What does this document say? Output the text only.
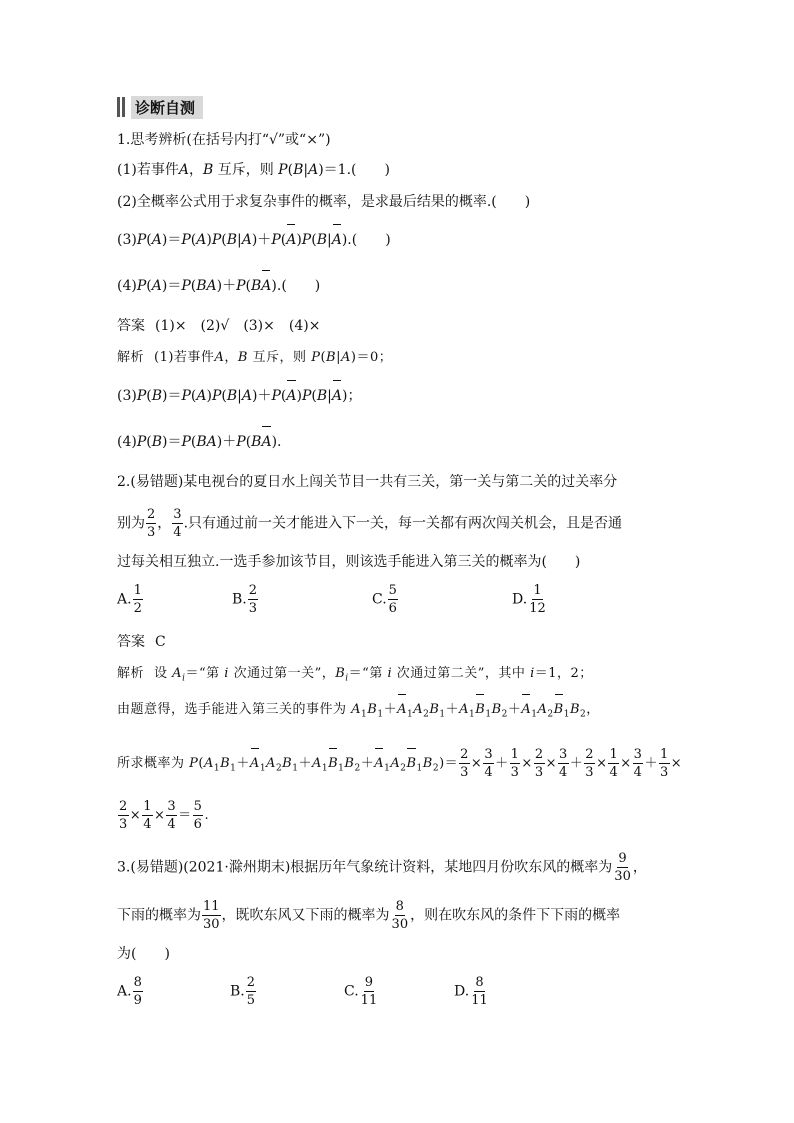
诊断自测
1.思考辨析(在括号内打“√”或“×”)
(1)若事件A，B 互斥，则 P(B|A)＝1.(　　)
(2)全概率公式用于求复杂事件的概率，是求最后结果的概率.(　　)
(3)P(A)＝P(A)P(B|A)＋P(A)P(B|A).(　　)
(4)P(A)＝P(BA)＋P(BA).(　　)
答案 (1)×　(2)√　(3)×　(4)×
解析 (1)若事件A，B 互斥，则 P(B|A)＝0；
(3)P(B)＝P(A)P(B|A)＋P(A)P(B|A)；
(4)P(B)＝P(BA)＋P(BA).
2.(易错题)某电视台的夏日水上闯关节目一共有三关，第一关与第二关的过关率分
别为 $\frac{2}{3}$ ， $\frac{3}{4}$ .只有通过前一关才能进入下一关，每一关都有两次闯关机会，且是否通
过每关相互独立.一选手参加该节目，则该选手能进入第三关的概率为(　　)
A. $\frac{1}{2}$	B. $\frac{2}{3}$	C. $\frac{5}{6}$	D. $\frac{1}{12}$
答案 C
解析 设 $A_i=“$第 i 次通过第一关”，$B_i=“$第 i 次通过第二关”，其中 i＝1，2；
由题意得，选手能进入第三关的事件为 $A_1B_1+A_1A_2B_1+A_1B_1B_2+A_1A_2B_1B_2$，
所求概率为 $P(A_1B_1+A_1A_2B_1+A_1B_1B_2+A_1A_2B_1B_2)= \frac{2}{3} \times \frac{3}{4} + \frac{1}{3} \times \frac{2}{3} \times \frac{3}{4} + \frac{2}{3} \times \frac{1}{4} \times \frac{3}{4} + \frac{1}{3}$ ×
$\frac{2}{3} \times \frac{1}{4} \times \frac{3}{4} = \frac{5}{6}$ .
3.(易错题)(2021·滁州期末)根据历年气象统计资料，某地四月份吹东风的概率为 $\frac{9}{30}$ ，
下雨的概率为 $\frac{11}{30}$ ，既吹东风又下雨的概率为 $\frac{8}{30}$ ，则在吹东风的条件下下雨的概率
为(　　)
A. $\frac{8}{9}$	B. $\frac{2}{5}$	C. $\frac{9}{11}$	D. $\frac{8}{11}$
